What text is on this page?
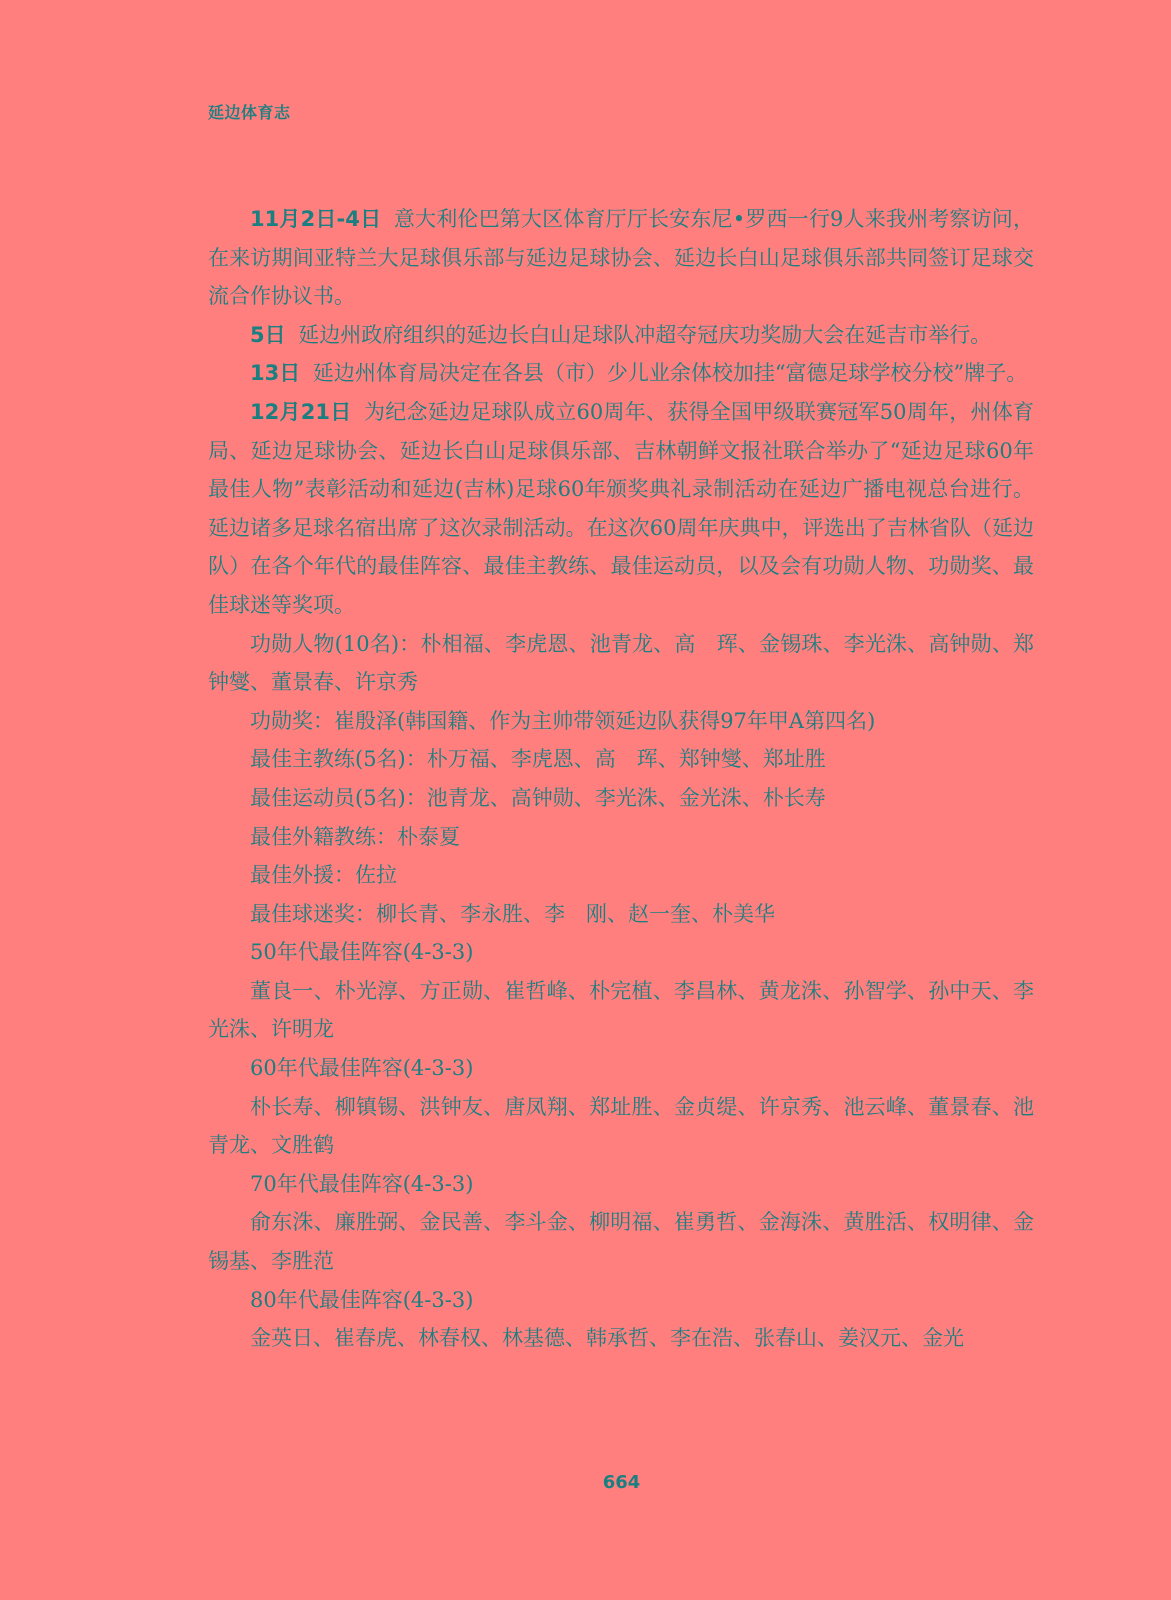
延边体育志

11月2日-4日 意大利伦巴第大区体育厅厅长安东尼•罗西一行9人来我州考察访问，在来访期间亚特兰大足球俱乐部与延边足球协会、延边长白山足球俱乐部共同签订足球交流合作协议书。

5日 延边州政府组织的延边长白山足球队冲超夺冠庆功奖励大会在延吉市举行。

13日 延边州体育局决定在各县（市）少儿业余体校加挂“富德足球学校分校”牌子。

12月21日 为纪念延边足球队成立60周年、获得全国甲级联赛冠军50周年，州体育局、延边足球协会、延边长白山足球俱乐部、吉林朝鲜文报社联合举办了“延边足球60年最佳人物”表彰活动和延边(吉林)足球60年颁奖典礼录制活动在延边广播电视总台进行。延边诸多足球名宿出席了这次录制活动。在这次60周年庆典中，评选出了吉林省队（延边队）在各个年代的最佳阵容、最佳主教练、最佳运动员，以及会有功勋人物、功勋奖、最佳球迷等奖项。

功勋人物(10名)：朴相福、李虎恩、池青龙、高　珲、金锡珠、李光洙、高钟勋、郑钟燮、董景春、许京秀

功勋奖：崔殷泽(韩国籍、作为主帅带领延边队获得97年甲A第四名)

最佳主教练(5名)：朴万福、李虎恩、高　珲、郑钟燮、郑址胜

最佳运动员(5名)：池青龙、高钟勋、李光洙、金光洙、朴长寿

最佳外籍教练：朴泰夏

最佳外援：佐拉

最佳球迷奖：柳长青、李永胜、李　刚、赵一奎、朴美华

50年代最佳阵容(4-3-3)

董良一、朴光淳、方正勋、崔哲峰、朴完植、李昌林、黄龙洙、孙智学、孙中天、李光洙、许明龙

60年代最佳阵容(4-3-3)

朴长寿、柳镇锡、洪钟友、唐凤翔、郑址胜、金贞缇、许京秀、池云峰、董景春、池青龙、文胜鹤

70年代最佳阵容(4-3-3)

俞东洙、廉胜弼、金民善、李斗金、柳明福、崔勇哲、金海洙、黄胜活、权明律、金锡基、李胜范

80年代最佳阵容(4-3-3)

金英日、崔春虎、林春权、林基德、韩承哲、李在浩、张春山、姜汉元、金光

664
